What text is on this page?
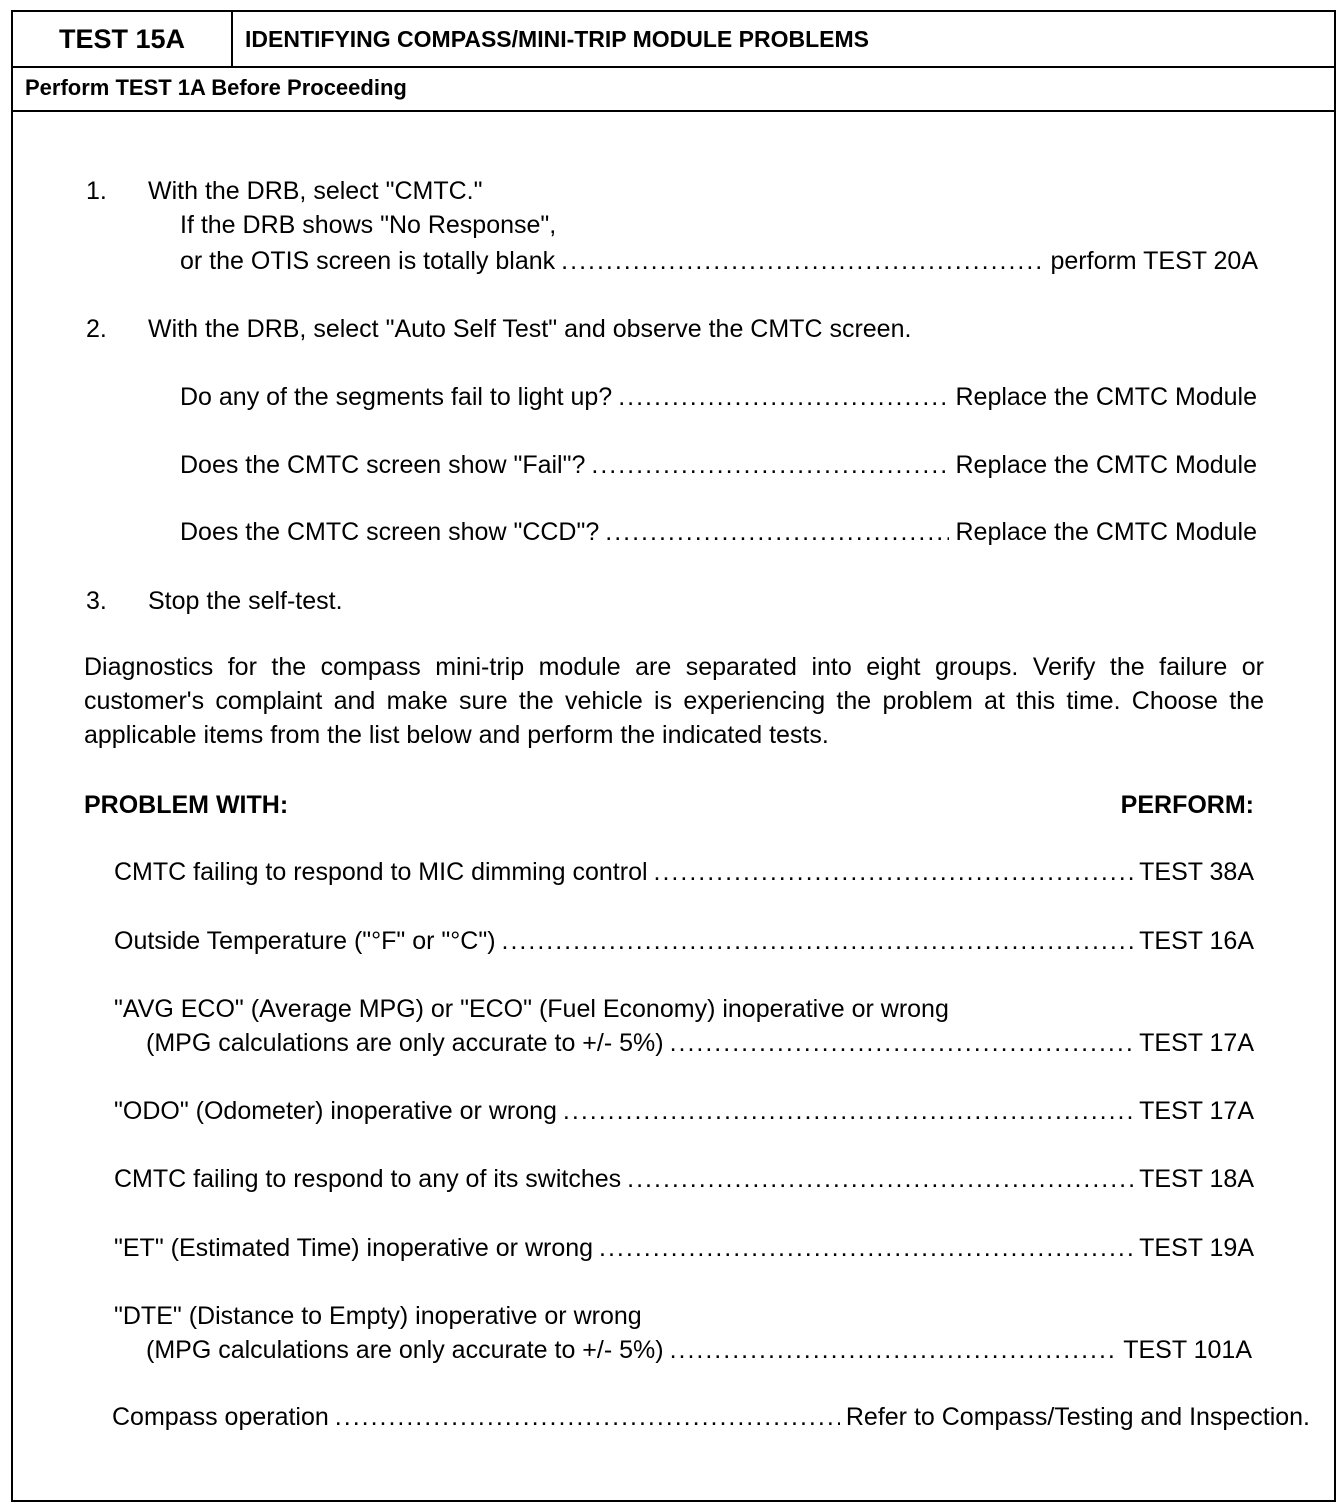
TEST 15A	IDENTIFYING COMPASS/MINI-TRIP MODULE PROBLEMS
Perform TEST 1A Before Proceeding
1. With the DRB, select "CMTC."
If the DRB shows "No Response",
or the OTIS screen is totally blank .....	perform TEST 20A
2. With the DRB, select "Auto Self Test" and observe the CMTC screen.
Do any of the segments fail to light up? .....	Replace the CMTC Module
Does the CMTC screen show "Fail"? .....	Replace the CMTC Module
Does the CMTC screen show "CCD"? .....	Replace the CMTC Module
3. Stop the self-test.
Diagnostics for the compass mini-trip module are separated into eight groups. Verify the failure or customer's complaint and make sure the vehicle is experiencing the problem at this time. Choose the applicable items from the list below and perform the indicated tests.
PROBLEM WITH:	PERFORM:
CMTC failing to respond to MIC dimming control .....	TEST 38A
Outside Temperature ("°F" or "°C") .....	TEST 16A
"AVG ECO" (Average MPG) or "ECO" (Fuel Economy) inoperative or wrong
(MPG calculations are only accurate to +/- 5%) .....	TEST 17A
"ODO" (Odometer) inoperative or wrong .....	TEST 17A
CMTC failing to respond to any of its switches .....	TEST 18A
"ET" (Estimated Time) inoperative or wrong .....	TEST 19A
"DTE" (Distance to Empty) inoperative or wrong
(MPG calculations are only accurate to +/- 5%) .....	TEST 101A
Compass operation .....	Refer to Compass/Testing and Inspection.
